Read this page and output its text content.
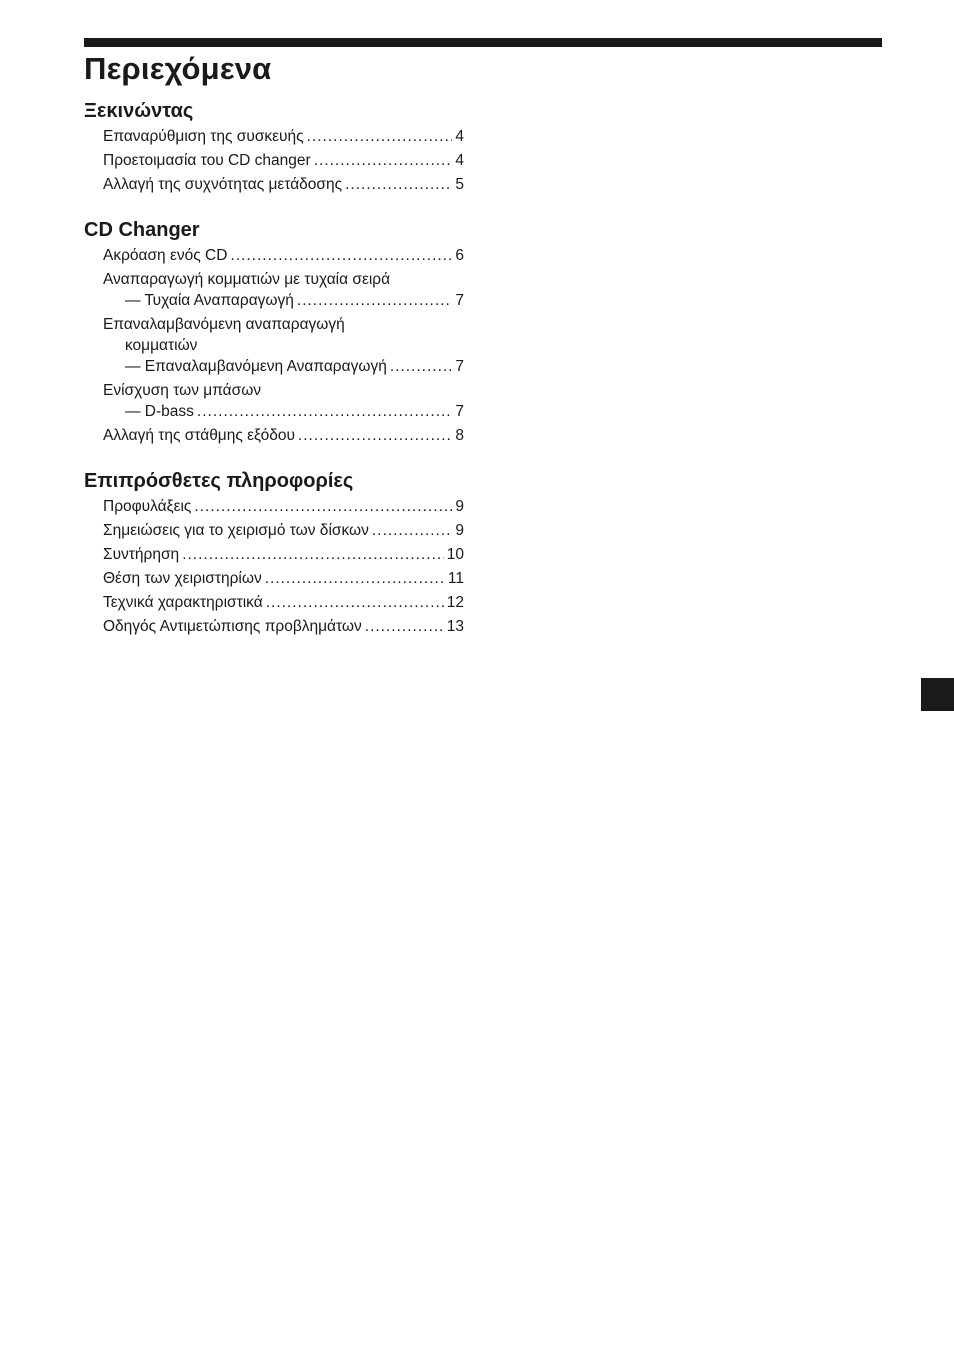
Περιεχόμενα
Ξεκινώντας
Επαναρύθμιση της συσκευής .....	4
Προετοιμασία του CD changer .....	4
Αλλαγή της συχνότητας μετάδοσης .....	5
CD Changer
Ακρόαση ενός CD .....	6
Αναπαραγωγή κομματιών με τυχαία σειρά
— Τυχαία Αναπαραγωγή .....	7
Επαναλαμβανόμενη αναπαραγωγή
κομματιών
— Επαναλαμβανόμενη Αναπαραγωγή .....	7
Ενίσχυση των μπάσων
— D-bass .....	7
Αλλαγή της στάθμης εξόδου .....	8
Επιπρόσθετες πληροφορίες
Προφυλάξεις .....	9
Σημειώσεις για το χειρισμό των δίσκων .....	9
Συντήρηση .....	10
Θέση των χειριστηρίων .....	11
Τεχνικά χαρακτηριστικά .....	12
Οδηγός Αντιμετώπισης προβλημάτων .....	13
